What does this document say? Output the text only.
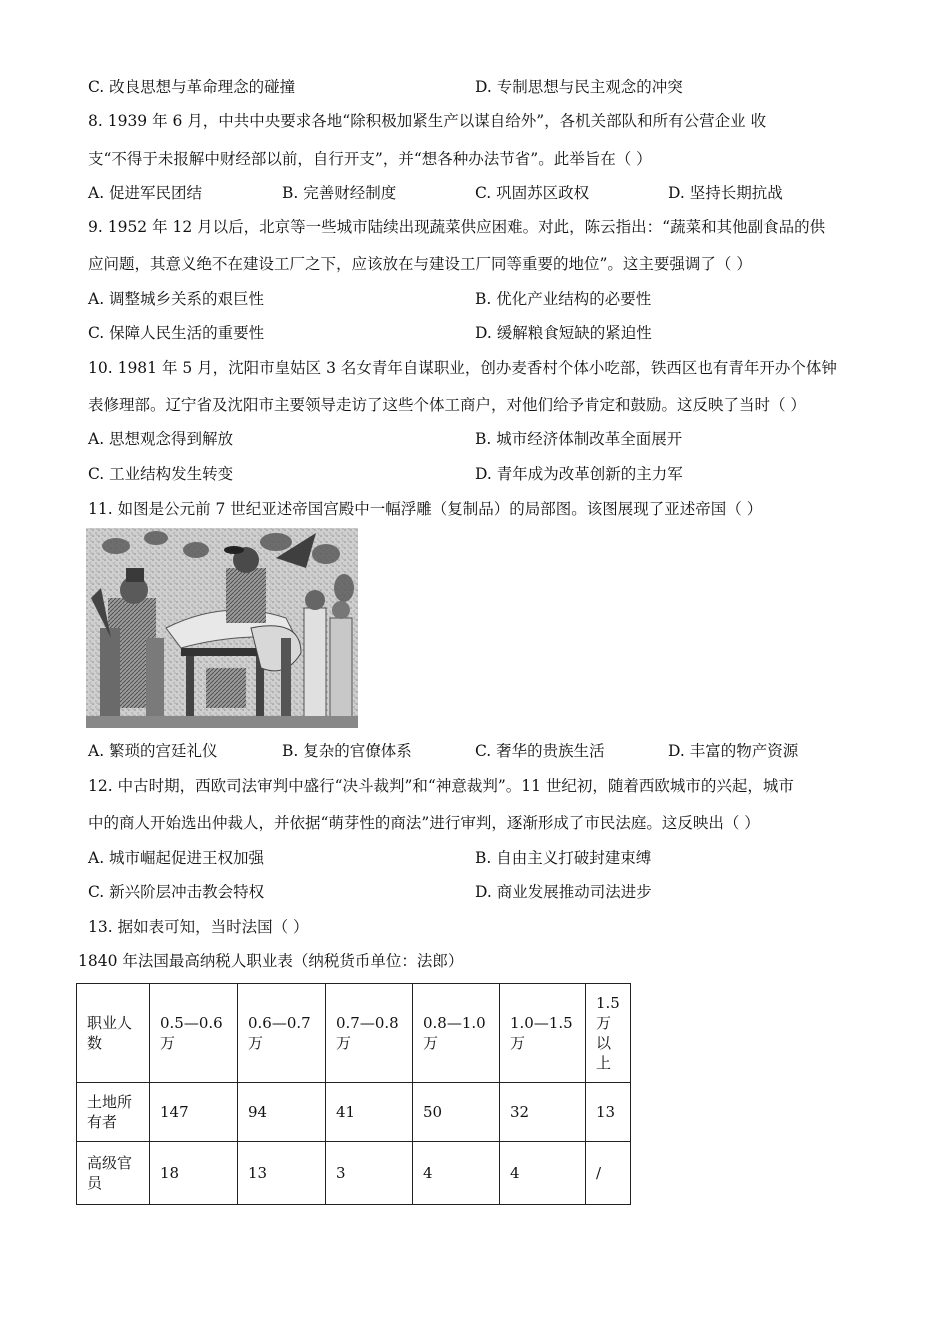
C. 改良思想与革命理念的碰撞	D. 专制思想与民主观念的冲突
8. 1939 年 6 月，中共中央要求各地“除积极加紧生产以谋自给外”，各机关部队和所有公营企业 收
支“不得于未报解中财经部以前，自行开支”，并“想各种办法节省”。此举旨在（ ）
A. 促进军民团结	B. 完善财经制度	C. 巩固苏区政权	D. 坚持长期抗战
9. 1952 年 12 月以后，北京等一些城市陆续出现蔬菜供应困难。对此，陈云指出：“蔬菜和其他副食品的供
应问题，其意义绝不在建设工厂之下，应该放在与建设工厂同等重要的地位”。这主要强调了（ ）
A. 调整城乡关系的艰巨性	B. 优化产业结构的必要性
C. 保障人民生活的重要性	D. 缓解粮食短缺的紧迫性
10. 1981 年 5 月，沈阳市皇姑区 3 名女青年自谋职业，创办麦香村个体小吃部，铁西区也有青年开办个体钟
表修理部。辽宁省及沈阳市主要领导走访了这些个体工商户，对他们给予肯定和鼓励。这反映了当时（ ）
A. 思想观念得到解放	B. 城市经济体制改革全面展开
C. 工业结构发生转变	D. 青年成为改革创新的主力军
11. 如图是公元前 7 世纪亚述帝国宫殿中一幅浮雕（复制品）的局部图。该图展现了亚述帝国（ ）
A. 繁琐的宫廷礼仪	B. 复杂的官僚体系	C. 奢华的贵族生活	D. 丰富的物产资源
12. 中古时期，西欧司法审判中盛行“决斗裁判”和“神意裁判”。11 世纪初，随着西欧城市的兴起，城市
中的商人开始选出仲裁人，并依据“萌芽性的商法”进行审判，逐渐形成了市民法庭。这反映出（ ）
A. 城市崛起促进王权加强	B. 自由主义打破封建束缚
C. 新兴阶层冲击教会特权	D. 商业发展推动司法进步
13. 据如表可知，当时法国（ ）
1840 年法国最高纳税人职业表（纳税货币单位：法郎）
职业人数	0.5—0.6万	0.6—0.7万	0.7—0.8万	0.8—1.0万	1.0—1.5万	1.5万以上
土地所有者	147	94	41	50	32	13
高级官员	18	13	3	4	4	/
